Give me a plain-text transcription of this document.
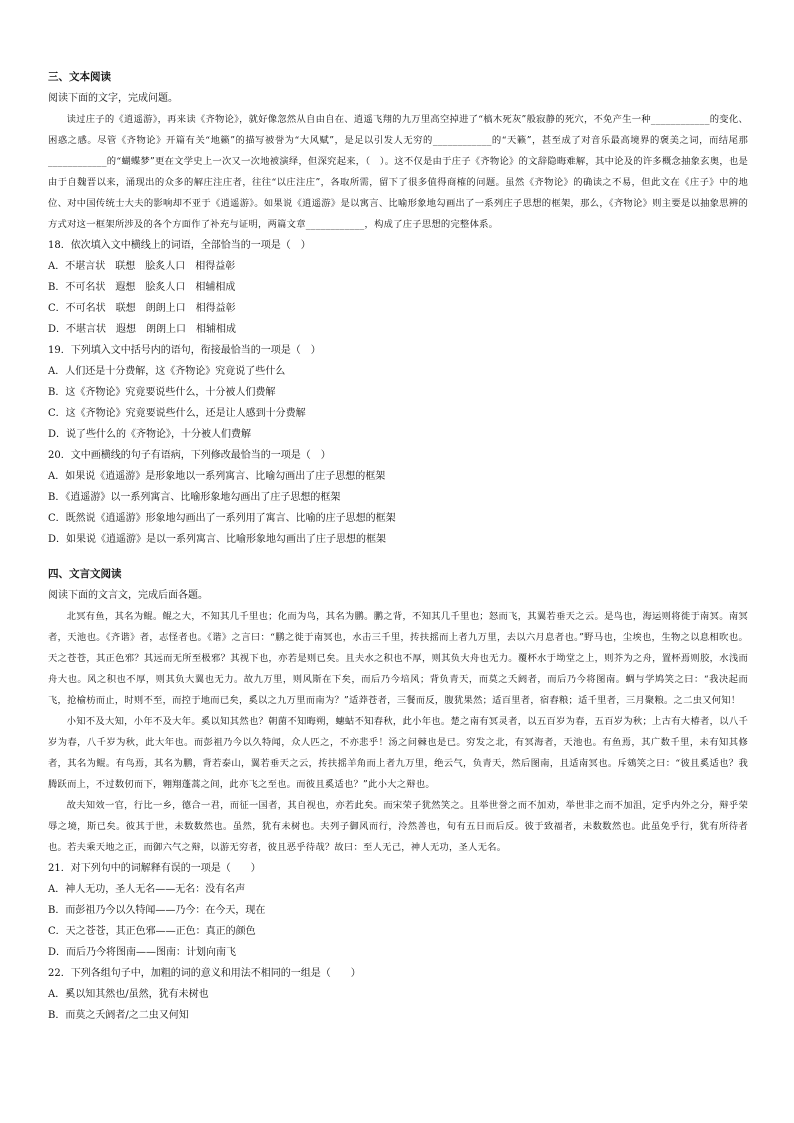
三、文本阅读
阅读下面的文字，完成问题。
读过庄子的《逍遥游》，再来读《齐物论》，就好像忽然从自由自在、逍遥飞翔的九万里高空掉进了“槁木死灰”般寂静的死穴，不免产生一种____________的变化、困惑之感。尽管《齐物论》开篇有关“地籁”的描写被誉为“大风赋”，是足以引发人无穷的____________的“天籁”，甚至成了对音乐最高境界的褒美之词，而结尾那____________的“蝴蝶梦”更在文学史上一次又一次地被演绎，但深究起来，（　）。这不仅是由于庄子《齐物论》的文辞隐晦难解，其中论及的许多概念抽象玄奥，也是由于自魏晋以来，涌现出的众多的解庄注庄者，往往“以庄注庄”，各取所需，留下了很多值得商榷的问题。虽然《齐物论》的确读之不易，但此文在《庄子》中的地位、对中国传统士大夫的影响却不亚于《逍遥游》。如果说《逍遥游》是以寓言、比喻形象地勾画出了一系列庄子思想的框架，那么，《齐物论》则主要是以抽象思辨的方式对这一框架所涉及的各个方面作了补充与证明，两篇文章____________，构成了庄子思想的完整体系。
18．依次填入文中横线上的词语，全部恰当的一项是（　）
A．不堪言状　联想　脍炙人口　相得益彰
B．不可名状　遐想　脍炙人口　相辅相成
C．不可名状　联想　朗朗上口　相得益彰
D．不堪言状　遐想　朗朗上口　相辅相成
19．下列填入文中括号内的语句，衔接最恰当的一项是（　）
A．人们还是十分费解，这《齐物论》究竟说了些什么
B．这《齐物论》究竟要说些什么，十分被人们费解
C．这《齐物论》究竟要说些什么，还是让人感到十分费解
D．说了些什么的《齐物论》，十分被人们费解
20．文中画横线的句子有语病，下列修改最恰当的一项是（　）
A．如果说《逍遥游》是形象地以一系列寓言、比喻勾画出了庄子思想的框架
B．《逍遥游》以一系列寓言、比喻形象地勾画出了庄子思想的框架
C．既然说《逍遥游》形象地勾画出了一系列用了寓言、比喻的庄子思想的框架
D．如果说《逍遥游》是以一系列寓言、比喻形象地勾画出了庄子思想的框架
四、文言文阅读
阅读下面的文言文，完成后面各题。
北冥有鱼，其名为鲲。鲲之大，不知其几千里也；化而为鸟，其名为鹏。鹏之背，不知其几千里也；怒而飞，其翼若垂天之云。是鸟也，海运则将徙于南冥。南冥者，天池也。《齐谐》者，志怪者也。《谐》之言曰：“鹏之徙于南冥也，水击三千里，抟扶摇而上者九万里，去以六月息者也。”野马也，尘埃也，生物之以息相吹也。天之苍苍，其正色邪？其远而无所至极邪？其视下也，亦若是则已矣。且夫水之积也不厚，则其负大舟也无力。覆杯水于坳堂之上，则芥为之舟，置杯焉则胶，水浅而舟大也。风之积也不厚，则其负大翼也无力。故九万里，则风斯在下矣，而后乃今培风；背负青天，而莫之夭阏者，而后乃今将图南。蜩与学鸠笑之曰：“我决起而飞，抢榆枋而止，时则不至，而控于地而已矣，奚以之九万里而南为？”适莽苍者，三餐而反，腹犹果然；适百里者，宿舂粮；适千里者，三月聚粮。之二虫又何知！
小知不及大知，小年不及大年。奚以知其然也？朝菌不知晦朔，蟪蛄不知春秋，此小年也。楚之南有冥灵者，以五百岁为春，五百岁为秋；上古有大椿者，以八千岁为春，八千岁为秋，此大年也。而彭祖乃今以久特闻，众人匹之，不亦悲乎！汤之问棘也是已。穷发之北，有冥海者，天池也。有鱼焉，其广数千里，未有知其修者，其名为鲲。有鸟焉，其名为鹏，背若泰山，翼若垂天之云，抟扶摇羊角而上者九万里，绝云气，负青天，然后图南，且适南冥也。斥鴳笑之曰：“彼且奚适也？我腾跃而上，不过数仞而下，翱翔蓬蒿之间，此亦飞之至也。而彼且奚适也？”此小大之辩也。
故夫知效一官，行比一乡，德合一君，而征一国者，其自视也，亦若此矣。而宋荣子犹然笑之。且举世誉之而不加劝，举世非之而不加沮，定乎内外之分，辩乎荣辱之境，斯已矣。彼其于世，未数数然也。虽然，犹有未树也。夫列子御风而行，泠然善也，旬有五日而后反。彼于致福者，未数数然也。此虽免乎行，犹有所待者也。若夫乘天地之正，而御六气之辩，以游无穷者，彼且恶乎待哉？故曰：至人无己，神人无功，圣人无名。
21．对下列句中的词解释有误的一项是（　　）
A．神人无功，圣人无名——无名：没有名声
B．而彭祖乃今以久特闻——乃今：在今天，现在
C．天之苍苍，其正色邪——正色：真正的颜色
D．而后乃今将图南——图南：计划向南飞
22．下列各组句子中，加粗的词的意义和用法不相同的一组是（　　）
A．奚以知其然也/虽然，犹有未树也
B．而莫之夭阏者/之二虫又何知
